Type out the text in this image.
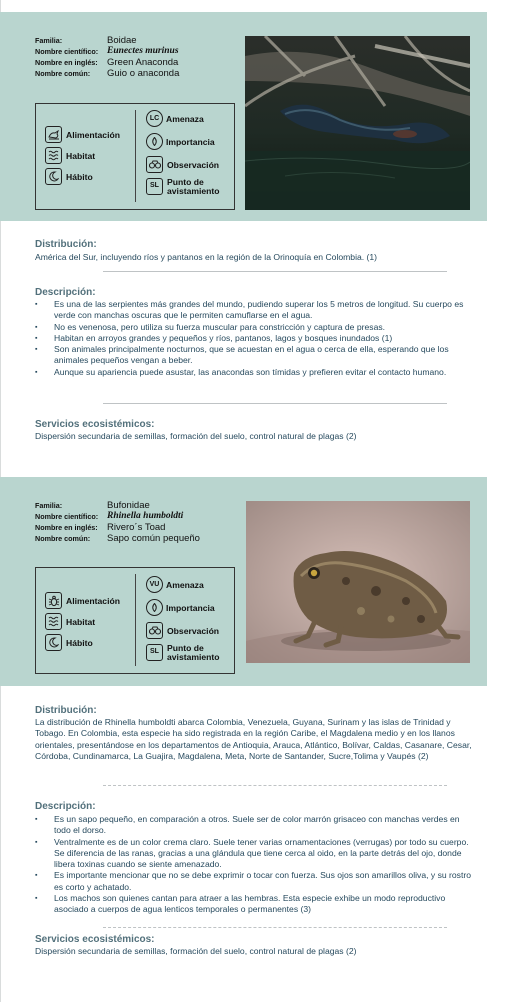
Familia:	Boidae
Nombre científico: Eunectes murinus
Nombre en inglés: Green Anaconda
Nombre común:	Guio o anaconda
Alimentación
Habitat
Hábito
LC Amenaza
Importancia
Observación
SL Punto de
avistamiento
Distribución:
América del Sur, incluyendo ríos y pantanos en la región de la Orinoquía en Colombia. (1)
Descripción:
▪ Es una de las serpientes más grandes del mundo, pudiendo superar los 5 metros de longitud. Su cuerpo es verde con manchas oscuras que le permiten camuflarse en el agua.
▪ No es venenosa, pero utiliza su fuerza muscular para constricción y captura de presas.
▪ Habitan en arroyos grandes y pequeños y ríos, pantanos, lagos y bosques inundados (1)
▪ Son animales principalmente nocturnos, que se acuestan en el agua o cerca de ella, esperando que los animales pequeños vengan a beber.
▪ Aunque su apariencia puede asustar, las anacondas son tímidas y prefieren evitar el contacto humano.
Servicios ecosistémicos:
Dispersión secundaria de semillas, formación del suelo, control natural de plagas (2)
Familia:	Bufonidae
Nombre científico: Rhinella humboldti
Nombre en inglés: Rivero´s Toad
Nombre común:	Sapo común pequeño
Alimentación
Habitat
Hábito
VU Amenaza
Importancia
Observación
SL Punto de
avistamiento
Distribución:
La distribución de Rhinella humboldti abarca Colombia, Venezuela, Guyana, Surinam y las islas de Trinidad y Tobago. En Colombia, esta especie ha sido registrada en la región Caribe, el Magdalena medio y en los llanos orientales, presentándose en los departamentos de Antioquia, Arauca, Atlántico, Bolívar, Caldas, Casanare, Cesar, Córdoba, Cundinamarca, La Guajira, Magdalena, Meta, Norte de Santander, Sucre,Tolima y Vaupés (2)
Descripción:
▪ Es un sapo pequeño, en comparación a otros. Suele ser de color marrón grisaceo con manchas verdes en todo el dorso.
▪ Ventralmente es de un color crema claro. Suele tener varias ornamentaciones (verrugas) por todo su cuerpo. Se diferencia de las ranas, gracias a una glándula que tiene cerca al oido, en la parte detrás del ojo, donde libera toxinas cuando se siente amenazado.
▪ Es importante mencionar que no se debe exprimir o tocar con fuerza. Sus ojos son amarillos oliva, y su rostro es corto y achatado.
▪ Los machos son quienes cantan para atraer a las hembras. Esta especie exhibe un modo reproductivo asociado a cuerpos de agua lenticos temporales o permanentes (3)
Servicios ecosistémicos:
Dispersión secundaria de semillas, formación del suelo, control natural de plagas (2)
